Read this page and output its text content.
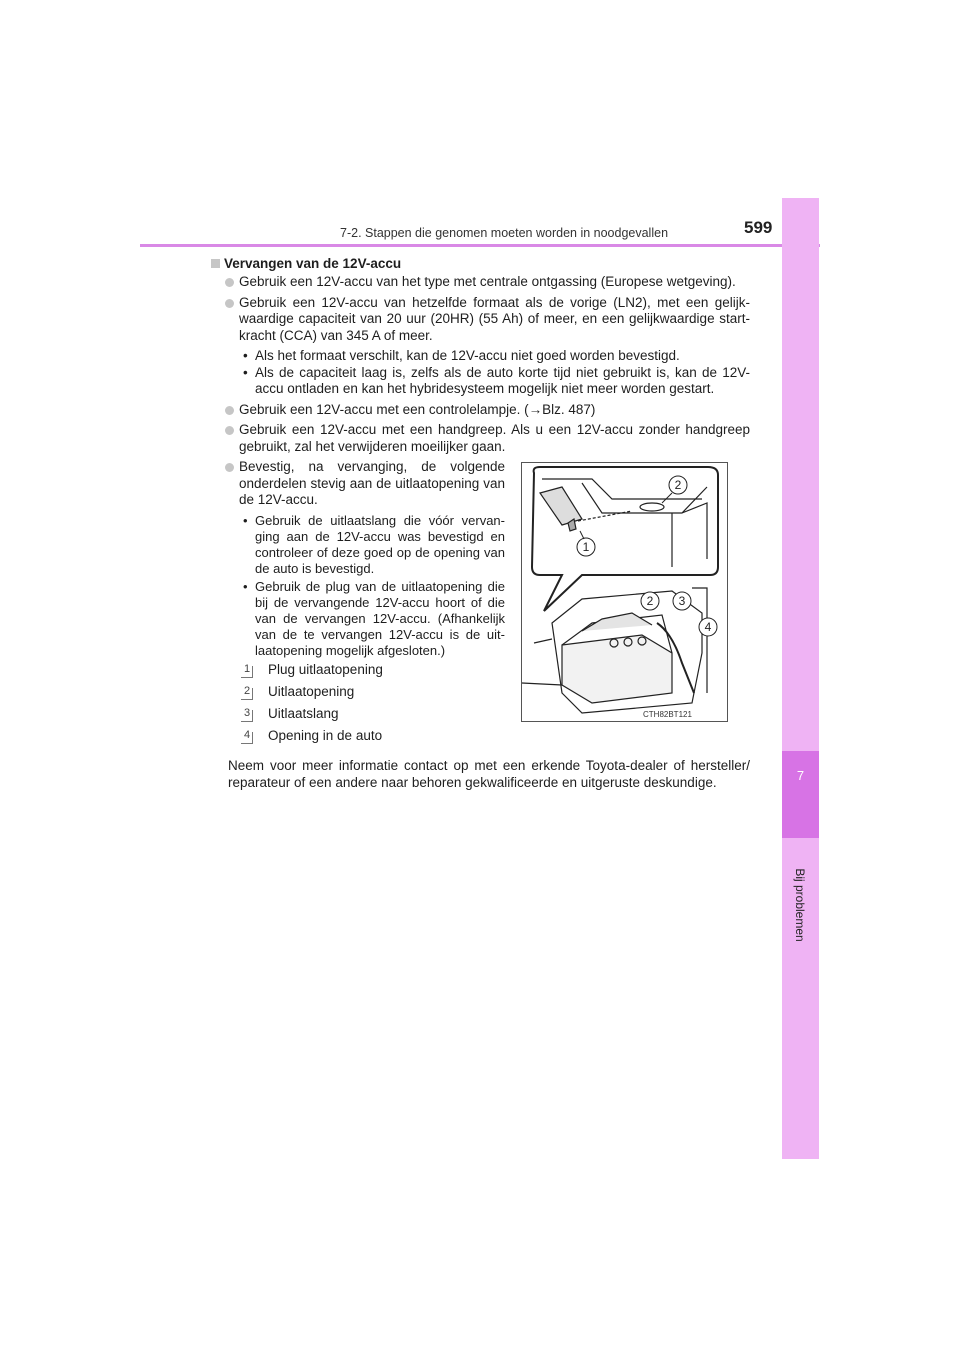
7-2. Stappen die genomen moeten worden in noodgevallen	599
7
Bij problemen
Vervangen van de 12V-accu
Gebruik een 12V-accu van het type met centrale ontgassing (Europese wetgeving).
Gebruik een 12V-accu van hetzelfde formaat als de vorige (LN2), met een gelijk-waardige capaciteit van 20 uur (20HR) (55 Ah) of meer, en een gelijkwaardige start-kracht (CCA) van 345 A of meer.
• Als het formaat verschilt, kan de 12V-accu niet goed worden bevestigd.
• Als de capaciteit laag is, zelfs als de auto korte tijd niet gebruikt is, kan de 12V-accu ontladen en kan het hybridesysteem mogelijk niet meer worden gestart.
Gebruik een 12V-accu met een controlelampje. (→Blz. 487)
Gebruik een 12V-accu met een handgreep. Als u een 12V-accu zonder handgreep gebruikt, zal het verwijderen moeilijker gaan.
Bevestig, na vervanging, de volgende onderdelen stevig aan de uitlaatopening van de 12V-accu.
• Gebruik de uitlaatslang die vóór vervan-ging aan de 12V-accu was bevestigd en controleer of deze goed op de opening van de auto is bevestigd.
• Gebruik de plug van de uitlaatopening die bij de vervangende 12V-accu hoort of die van de vervangen 12V-accu. (Afhankelijk van de te vervangen 12V-accu is de uit-laatopening mogelijk afgesloten.)
1 Plug uitlaatopening
2 Uitlaatopening
3 Uitlaatslang
4 Opening in de auto
Neem voor meer informatie contact op met een erkende Toyota-dealer of hersteller/ reparateur of een andere naar behoren gekwalificeerde en uitgeruste deskundige.
1
2
2 3
4
CTH82BT121
